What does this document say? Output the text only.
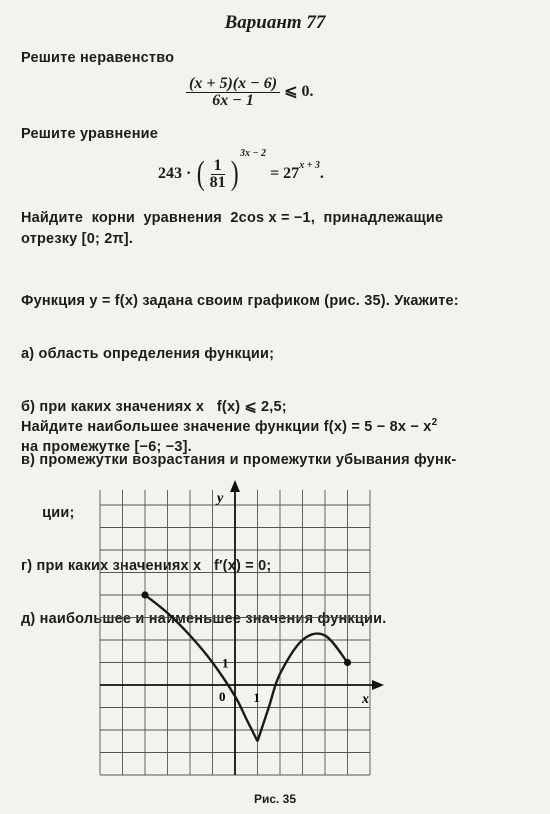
Вариант 77
Решите неравенство
$\frac{(x + 5)(x - 6)}{6x - 1}$ ⩽ 0.
Решите уравнение
243 · ( $\frac{1}{81} )^{3x - 2} = 27^{x + 3}$.
Найдите  корни  уравнения  2cos x = −1,  принадлежащие
отрезку [0; 2π].

Функция y = f(x) задана своим графиком (рис. 35). Укажите:

а) область определения функции;

б) при каких значениях x   f(x) ⩽ 2,5;

в) промежутки возрастания и промежутки убывания функ-

ции;

г) при каких значениях x   f′(x) = 0;

д) наибольшее и наименьшее значения функции.

Найдите наибольшее значение функции $f(x) = 5 - 8x - x^2$
на промежутке [−6; −3].
y
x
0 1
1
Рис. 35
